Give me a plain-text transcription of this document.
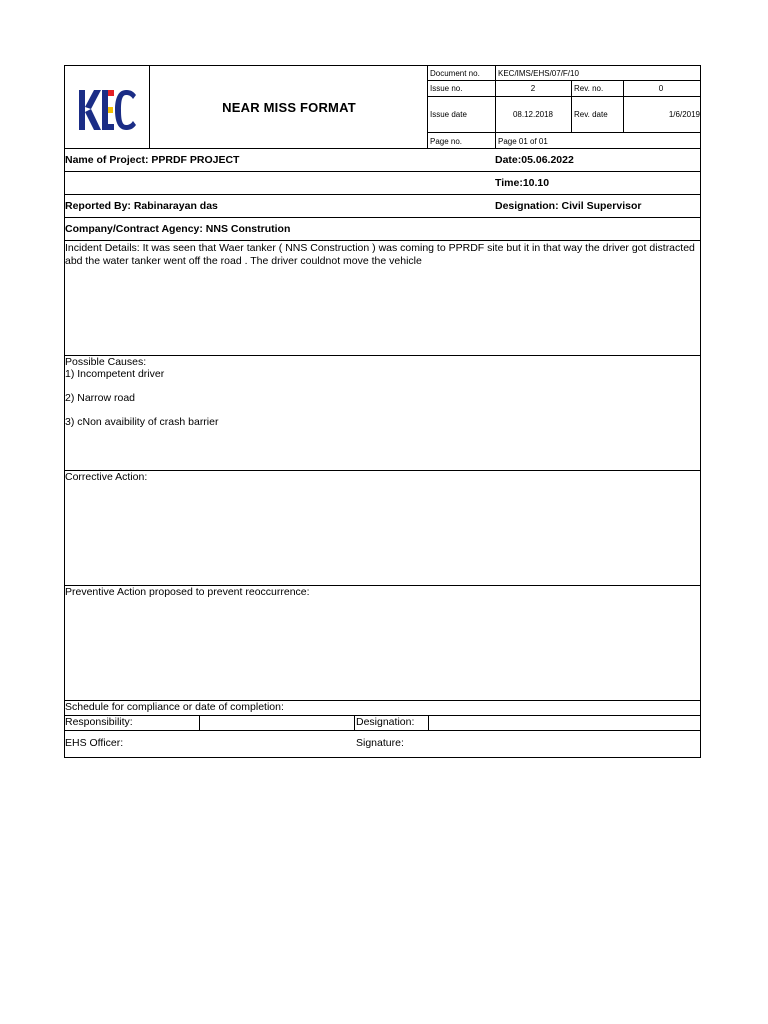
NEAR MISS FORMAT
Document no. KEC/IMS/EHS/07/F/10
Issue no.	2	Rev. no.	0
Issue date	08.12.2018	Rev. date	1/6/2019
Page no.	Page 01 of 01
Name of Project: PPRDF PROJECT	Date:05.06.2022
Time:10.10
Reported By: Rabinarayan das	Designation: Civil Supervisor
Company/Contract Agency: NNS Constrution
Incident Details: It was seen that Waer tanker ( NNS Construction ) was coming to PPRDF site but it in that way the driver got distracted abd the water tanker went off the road . The driver couldnot move the vehicle
Possible Causes:
1) Incompetent driver
2) Narrow road
3) cNon avaibility of crash barrier
Corrective Action:
Preventive Action proposed to prevent reoccurrence:
Schedule for compliance or date of completion:
Responsibility:	Designation:
EHS Officer:	Signature:
